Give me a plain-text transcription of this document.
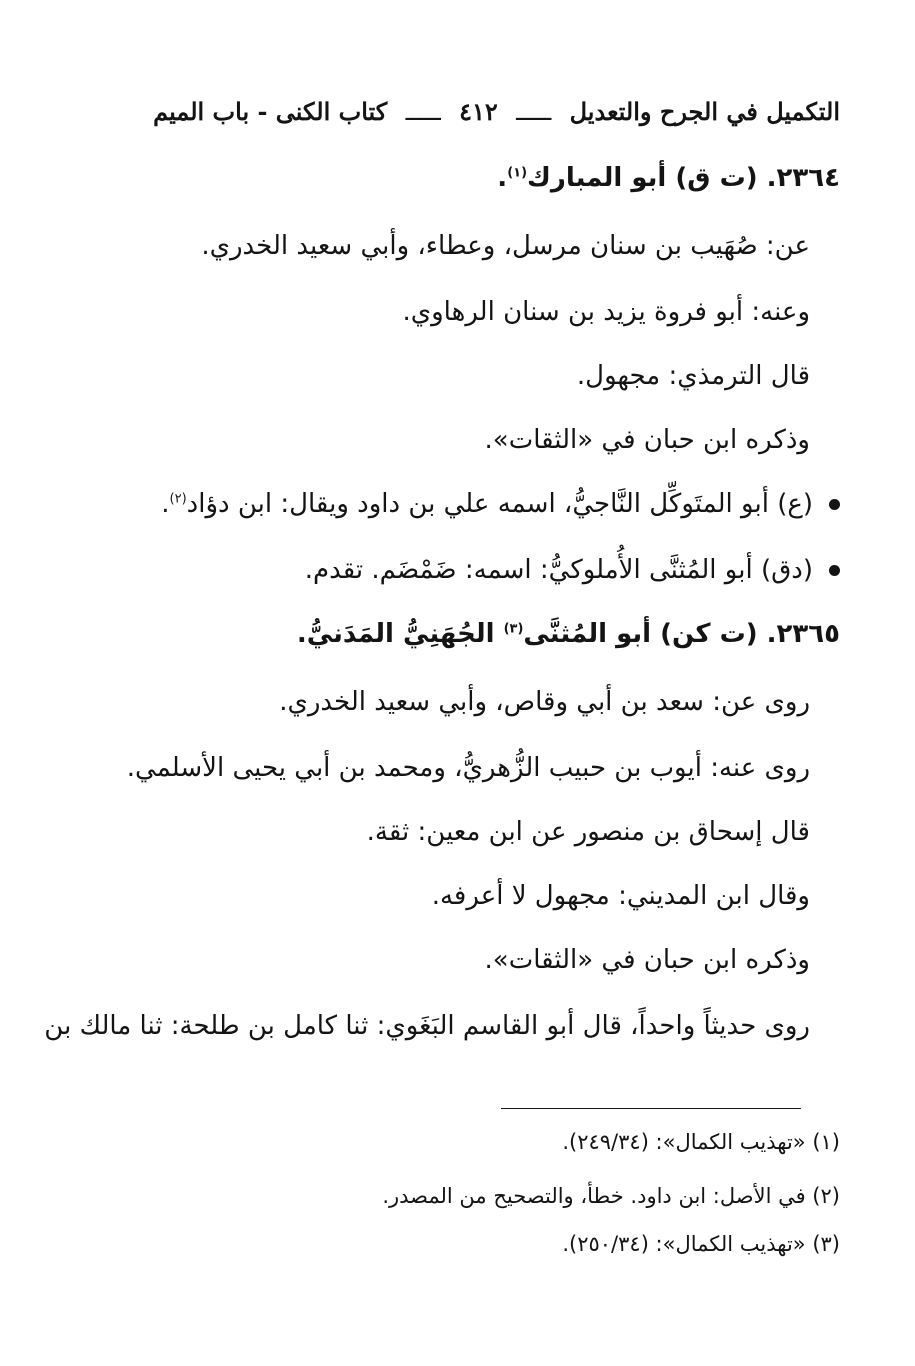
التكميل في الجرح والتعديل ـــــ ٤١٢ ـــــ كتاب الكنى - باب الميم
٢٣٦٤. (ت ق) أبو المبارك$^{(١)}$.
عن: صُهَيب بن سنان مرسل، وعطاء، وأبي سعيد الخدري.
وعنه: أبو فروة يزيد بن سنان الرهاوي.
قال الترمذي: مجهول.
وذكره ابن حبان في «الثقات».
(ع) أبو المتَوكِّل النَّاجيُّ، اسمه علي بن داود ويقال: ابن دؤاد$^{(٢)}$.
(دق) أبو المُثنَّى الأُملوكيُّ: اسمه: ضَمْضَم. تقدم.
٢٣٦٥. (ت كن) أبو المُثنَّى$^{(٣)}$ الجُهَنِيُّ المَدَنيُّ.
روى عن: سعد بن أبي وقاص، وأبي سعيد الخدري.
روى عنه: أيوب بن حبيب الزُّهريُّ، ومحمد بن أبي يحيى الأسلمي.
قال إسحاق بن منصور عن ابن معين: ثقة.
وقال ابن المديني: مجهول لا أعرفه.
وذكره ابن حبان في «الثقات».
روى حديثاً واحداً، قال أبو القاسم البَغَوي: ثنا كامل بن طلحة: ثنا مالك بن
(١) «تهذيب الكمال»: (٢٤٩/٣٤).
(٢) في الأصل: ابن داود. خطأ، والتصحيح من المصدر.
(٣) «تهذيب الكمال»: (٢٥٠/٣٤).
